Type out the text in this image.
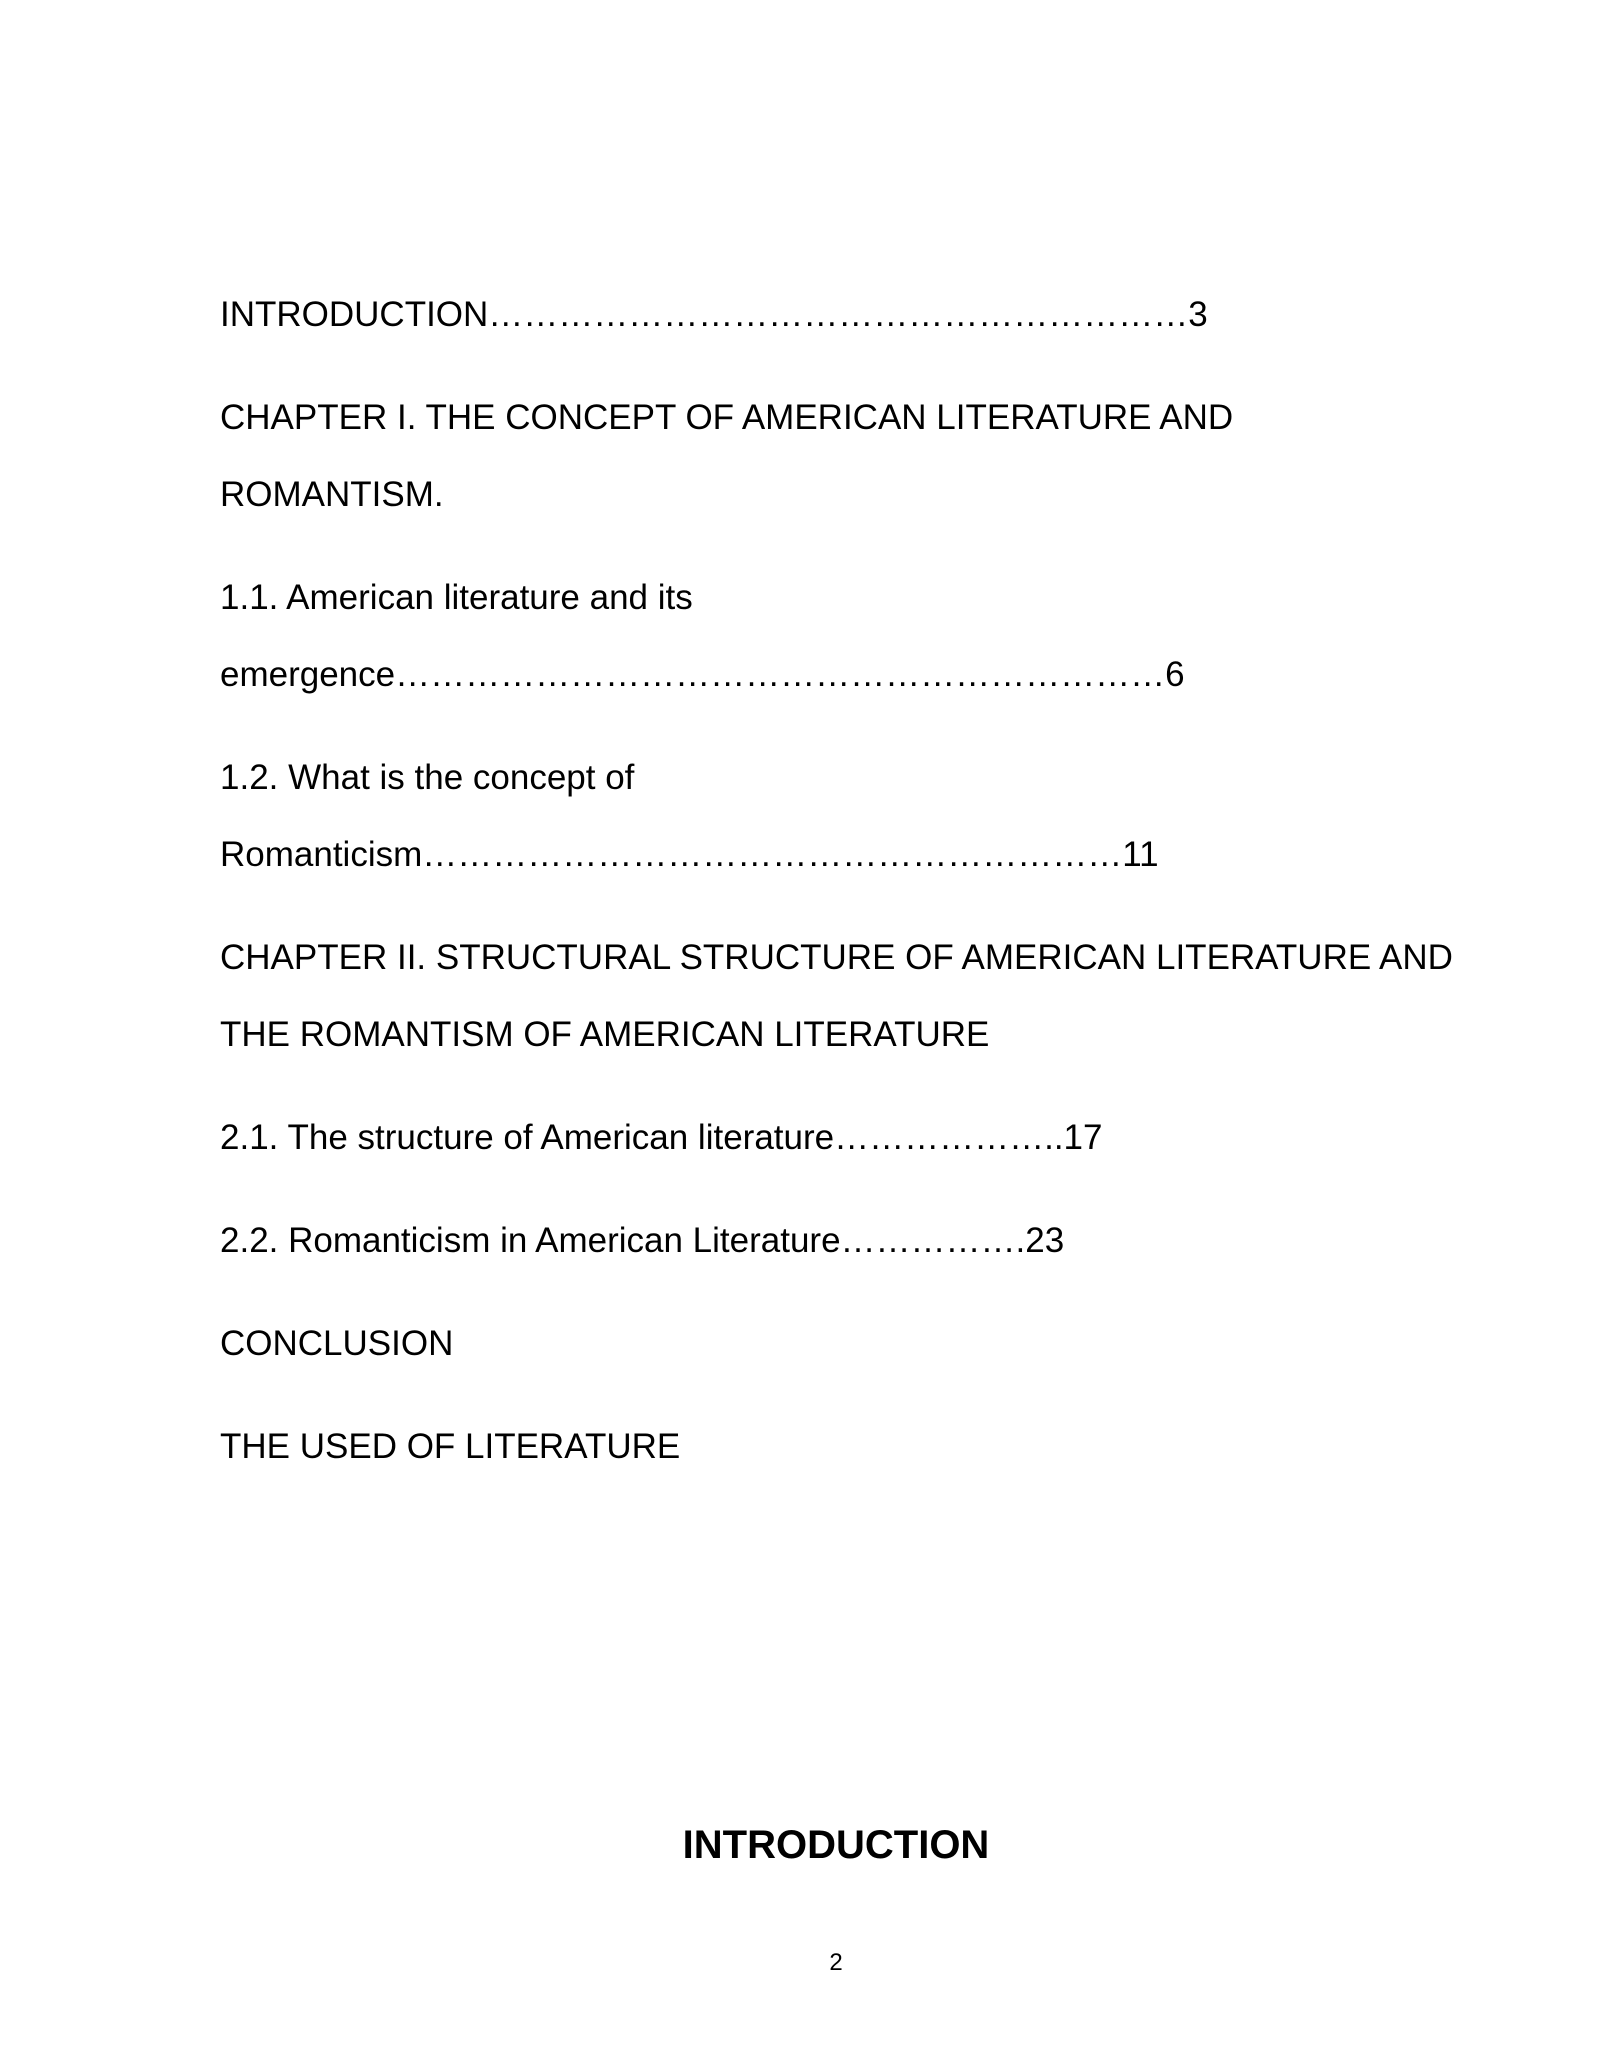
INTRODUCTION……………………………………………………3
CHAPTER I. THE CONCEPT OF AMERICAN LITERATURE AND
ROMANTISM.
1.1. American literature and its
emergence…………………………………………………………6
1.2. What is the concept of
Romanticism……………………………………………………11
CHAPTER II. STRUCTURAL STRUCTURE OF AMERICAN LITERATURE AND
THE ROMANTISM OF AMERICAN LITERATURE
2.1. The structure of American literature………………..17
2.2. Romanticism in American Literature…………….23
CONCLUSION
THE USED OF LITERATURE
INTRODUCTION
2
